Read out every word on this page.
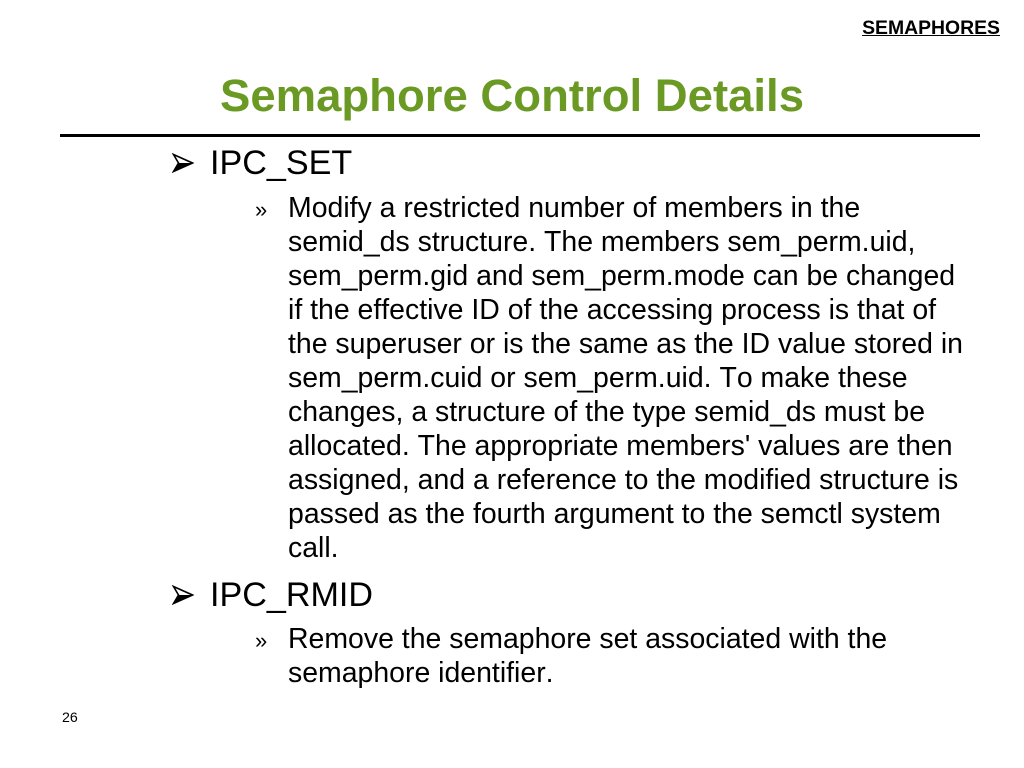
SEMAPHORES
Semaphore Control Details
IPC_SET
» Modify a restricted number of members in the semid_ds structure. The members sem_perm.uid, sem_perm.gid and sem_perm.mode can be changed if the effective ID of the accessing process is that of the superuser or is the same as the ID value stored in sem_perm.cuid or sem_perm.uid. To make these changes, a structure of the type semid_ds must be allocated. The appropriate members' values are then assigned, and a reference to the modified structure is passed as the fourth argument to the semctl system call.
IPC_RMID
» Remove the semaphore set associated with the semaphore identifier.
26
